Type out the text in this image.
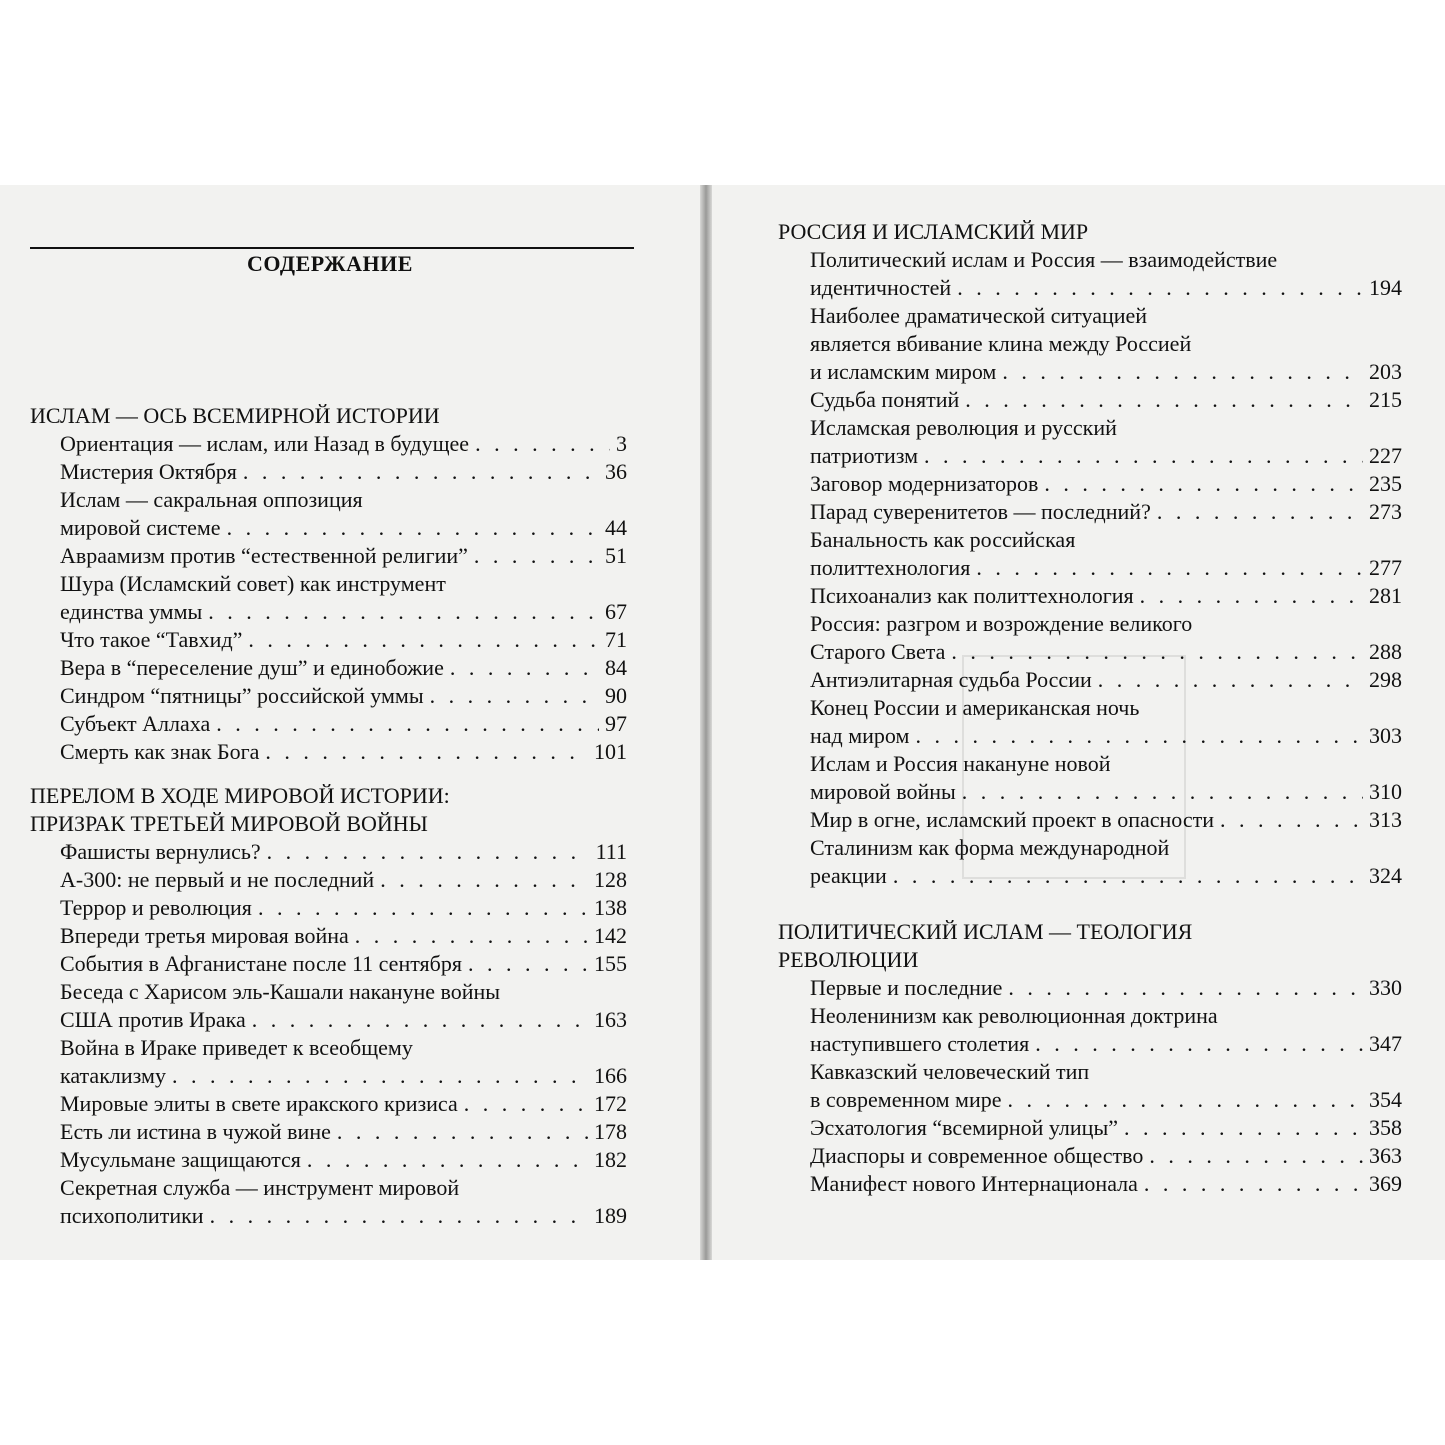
СОДЕРЖАНИЕ
ИСЛАМ — ОСЬ ВСЕМИРНОЙ ИСТОРИИ
Ориентация — ислам, или Назад в будущее . . .	3
Мистерия Октября . . .	36
Ислам — сакральная оппозиция
мировой системе . . .	44
Авраамизм против “естественной религии” . . .	51
Шура (Исламский совет) как инструмент
единства уммы . . .	67
Что такое “Тавхид” . . .	71
Вера в “переселение душ” и единобожие . . .	84
Синдром “пятницы” российской уммы . . .	90
Субъект Аллаха . . .	97
Смерть как знак Бога . . .	101
ПЕРЕЛОМ В ХОДЕ МИРОВОЙ ИСТОРИИ:
ПРИЗРАК ТРЕТЬЕЙ МИРОВОЙ ВОЙНЫ
Фашисты вернулись? . . .	111
А-300: не первый и не последний . . .	128
Террор и революция . . .	138
Впереди третья мировая война . . .	142
События в Афганистане после 11 сентября . . .	155
Беседа с Харисом эль-Кашали накануне войны
США против Ирака . . .	163
Война в Ираке приведет к всеобщему
катаклизму . . .	166
Мировые элиты в свете иракского кризиса . . .	172
Есть ли истина в чужой вине . . .	178
Мусульмане защищаются . . .	182
Секретная служба — инструмент мировой
психополитики . . .	189
РОССИЯ И ИСЛАМСКИЙ МИР
Политический ислам и Россия — взаимодействие
идентичностей . . .	194
Наиболее драматической ситуацией
является вбивание клина между Россией
и исламским миром . . .	203
Судьба понятий . . .	215
Исламская революция и русский
патриотизм . . .	227
Заговор модернизаторов . . .	235
Парад суверенитетов — последний? . . .	273
Банальность как российская
политтехнология . . .	277
Психоанализ как политтехнология . . .	281
Россия: разгром и возрождение великого
Старого Света . . .	288
Антиэлитарная судьба России . . .	298
Конец России и американская ночь
над миром . . .	303
Ислам и Россия накануне новой
мировой войны . . .	310
Мир в огне, исламский проект в опасности . . .	313
Сталинизм как форма международной
реакции . . .	324
ПОЛИТИЧЕСКИЙ ИСЛАМ — ТЕОЛОГИЯ
РЕВОЛЮЦИИ
Первые и последние . . .	330
Неоленинизм как революционная доктрина
наступившего столетия . . .	347
Кавказский человеческий тип
в современном мире . . .	354
Эсхатология “всемирной улицы” . . .	358
Диаспоры и современное общество . . .	363
Манифест нового Интернационала . . .	369
